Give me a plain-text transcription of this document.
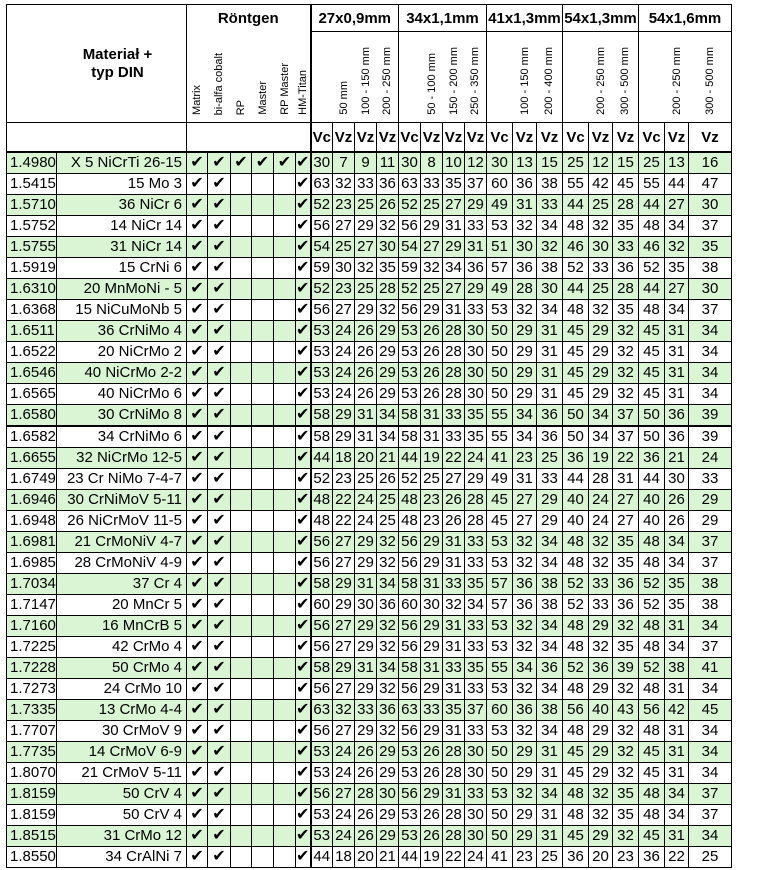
Materiał +
typ DIN		Röntgen						27x0,9mm				34x1,1mm				41x1,3mm			54x1,3mm			54x1,6mm		
		Matrix	bi-alfa cobalt	RP	Master	RP Master	HM-Titan		50 mm	100 - 150 mm	200 - 250 mm		50 - 100 mm	150 - 200 mm	250 - 350 mm		100 - 150 mm	200 - 400 mm		200 - 250 mm	300 - 500 mm		200 - 250 mm	300 - 500 mm
								Vc	Vz	Vz	Vz	Vc	Vz	Vz	Vz	Vc	Vz	Vz	Vc	Vz	Vz	Vc	Vz	Vz
1.4980	X 5 NiCrTi 26-15	✔	✔	✔	✔	✔	✔	30	7	9	11	30	8	10	12	30	13	15	25	12	15	25	13	16
1.5415	15 Mo 3	✔	✔				✔	63	32	33	36	63	33	35	37	60	36	38	55	42	45	55	44	47
1.5710	36 NiCr 6	✔	✔				✔	52	23	25	26	52	25	27	29	49	31	33	44	25	28	44	27	30
1.5752	14 NiCr 14	✔	✔				✔	56	27	29	32	56	29	31	33	53	32	34	48	32	35	48	34	37
1.5755	31 NiCr 14	✔	✔				✔	54	25	27	30	54	27	29	31	51	30	32	46	30	33	46	32	35
1.5919	15 CrNi 6	✔	✔				✔	59	30	32	35	59	32	34	36	57	36	38	52	33	36	52	35	38
1.6310	20 MnMoNi - 5	✔	✔				✔	52	23	25	28	52	25	27	29	49	28	30	44	25	28	44	27	30
1.6368	15 NiCuMoNb 5	✔	✔				✔	56	27	29	32	56	29	31	33	53	32	34	48	32	35	48	34	37
1.6511	36 CrNiMo 4	✔	✔				✔	53	24	26	29	53	26	28	30	50	29	31	45	29	32	45	31	34
1.6522	20 NiCrMo 2	✔	✔				✔	53	24	26	29	53	26	28	30	50	29	31	45	29	32	45	31	34
1.6546	40 NiCrMo 2-2	✔	✔				✔	53	24	26	29	53	26	28	30	50	29	31	45	29	32	45	31	34
1.6565	40 NiCrMo 6	✔	✔				✔	53	24	26	29	53	26	28	30	50	29	31	45	29	32	45	31	34
1.6580	30 CrNiMo 8	✔	✔				✔	58	29	31	34	58	31	33	35	55	34	36	50	34	37	50	36	39
1.6582	34 CrNiMo 6	✔	✔				✔	58	29	31	34	58	31	33	35	55	34	36	50	34	37	50	36	39
1.6655	32 NiCrMo 12-5	✔	✔				✔	44	18	20	21	44	19	22	24	41	23	25	36	19	22	36	21	24
1.6749	23 Cr NiMo 7-4-7	✔	✔				✔	52	23	25	26	52	25	27	29	49	31	33	44	28	31	44	30	33
1.6946	30 CrNiMoV 5-11	✔	✔				✔	48	22	24	25	48	23	26	28	45	27	29	40	24	27	40	26	29
1.6948	26 NiCrMoV 11-5	✔	✔				✔	48	22	24	25	48	23	26	28	45	27	29	40	24	27	40	26	29
1.6981	21 CrMoNiV 4-7	✔	✔				✔	56	27	29	32	56	29	31	33	53	32	34	48	32	35	48	34	37
1.6985	28 CrMoNiV 4-9	✔	✔				✔	56	27	29	32	56	29	31	33	53	32	34	48	32	35	48	34	37
1.7034	37 Cr 4	✔	✔				✔	58	29	31	34	58	31	33	35	57	36	38	52	33	36	52	35	38
1.7147	20 MnCr 5	✔	✔				✔	60	29	30	36	60	30	32	34	57	36	38	52	33	36	52	35	38
1.7160	16 MnCrB 5	✔	✔				✔	56	27	29	32	56	29	31	33	53	32	34	48	29	32	48	31	34
1.7225	42 CrMo 4	✔	✔				✔	56	27	29	32	56	29	31	33	53	32	34	48	32	35	48	34	37
1.7228	50 CrMo 4	✔	✔				✔	58	29	31	34	58	31	33	35	55	34	36	52	36	39	52	38	41
1.7273	24 CrMo 10	✔	✔				✔	56	27	29	32	56	29	31	33	53	32	34	48	29	32	48	31	34
1.7335	13 CrMo 4-4	✔	✔				✔	63	32	33	36	63	33	35	37	60	36	38	56	40	43	56	42	45
1.7707	30 CrMoV 9	✔	✔				✔	56	27	29	32	56	29	31	33	53	32	34	48	29	32	48	31	34
1.7735	14 CrMoV 6-9	✔	✔				✔	53	24	26	29	53	26	28	30	50	29	31	45	29	32	45	31	34
1.8070	21 CrMoV 5-11	✔	✔				✔	53	24	26	29	53	26	28	30	50	29	31	45	29	32	45	31	34
1.8159	50 CrV 4	✔	✔				✔	56	27	28	30	56	29	31	33	53	32	34	48	32	35	48	34	37
1.8159	50 CrV 4	✔	✔				✔	53	24	26	29	53	26	28	30	50	29	31	48	32	35	48	34	37
1.8515	31 CrMo 12	✔	✔				✔	53	24	26	29	53	26	28	30	50	29	31	45	29	32	45	31	34
1.8550	34 CrAlNi 7	✔	✔				✔	44	18	20	21	44	19	22	24	41	23	25	36	20	23	36	22	25
